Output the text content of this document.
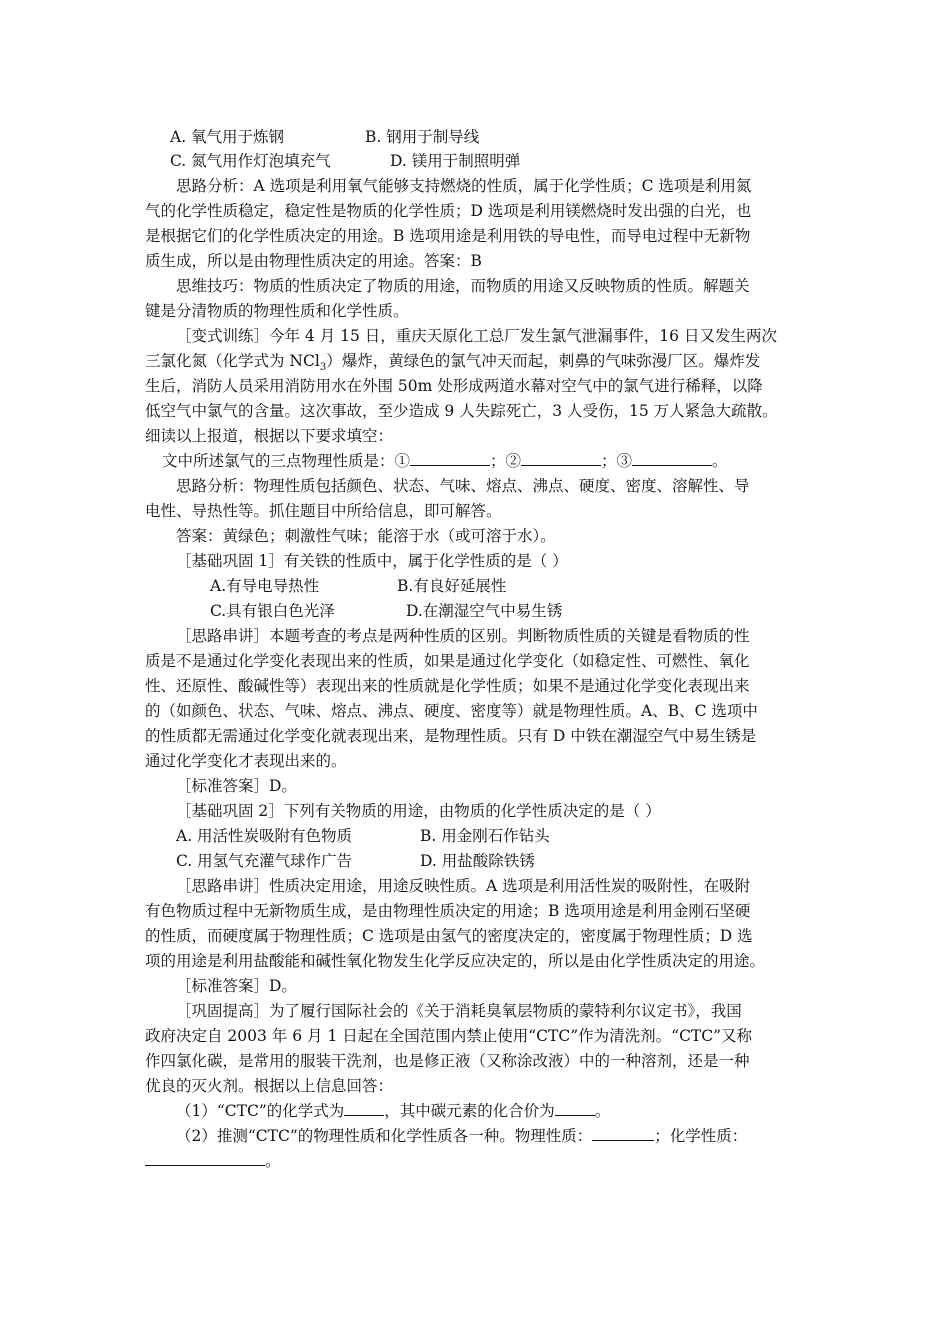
A. 氧气用于炼钢	B. 钢用于制导线
C. 氮气用作灯泡填充气	D. 镁用于制照明弹
思路分析：A 选项是利用氧气能够支持燃烧的性质，属于化学性质；C 选项是利用氮
气的化学性质稳定，稳定性是物质的化学性质；D 选项是利用镁燃烧时发出强的白光，也
是根据它们的化学性质决定的用途。B 选项用途是利用铁的导电性，而导电过程中无新物
质生成，所以是由物理性质决定的用途。答案：B
思维技巧：物质的性质决定了物质的用途，而物质的用途又反映物质的性质。解题关
键是分清物质的物理性质和化学性质。
［变式训练］今年 4 月 15 日，重庆天原化工总厂发生氯气泄漏事件，16 日又发生两次
三氯化氮（化学式为 NCl$_3$）爆炸，黄绿色的氯气冲天而起，刺鼻的气味弥漫厂区。爆炸发
生后，消防人员采用消防用水在外围 50m 处形成两道水幕对空气中的氯气进行稀释，以降
低空气中氯气的含量。这次事故，至少造成 9 人失踪死亡，3 人受伤，15 万人紧急大疏散。
细读以上报道，根据以下要求填空：
文中所述氯气的三点物理性质是：①	；②	；③	。
思路分析：物理性质包括颜色、状态、气味、熔点、沸点、硬度、密度、溶解性、导
电性、导热性等。抓住题目中所给信息，即可解答。
答案：黄绿色；刺激性气味；能溶于水（或可溶于水）。
［基础巩固 1］有关铁的性质中，属于化学性质的是（ ）
A.有导电导热性	B.有良好延展性
C.具有银白色光泽	D.在潮湿空气中易生锈
［思路串讲］本题考查的考点是两种性质的区别。判断物质性质的关键是看物质的性
质是不是通过化学变化表现出来的性质，如果是通过化学变化（如稳定性、可燃性、氧化
性、还原性、酸碱性等）表现出来的性质就是化学性质；如果不是通过化学变化表现出来
的（如颜色、状态、气味、熔点、沸点、硬度、密度等）就是物理性质。A、B、C 选项中
的性质都无需通过化学变化就表现出来，是物理性质。只有 D 中铁在潮湿空气中易生锈是
通过化学变化才表现出来的。
［标准答案］D。
［基础巩固 2］下列有关物质的用途，由物质的化学性质决定的是（ ）
A. 用活性炭吸附有色物质	B. 用金刚石作钻头
C. 用氢气充灌气球作广告	D. 用盐酸除铁锈
［思路串讲］性质决定用途，用途反映性质。A 选项是利用活性炭的吸附性，在吸附
有色物质过程中无新物质生成，是由物理性质决定的用途；B 选项用途是利用金刚石坚硬
的性质，而硬度属于物理性质；C 选项是由氢气的密度决定的，密度属于物理性质；D 选
项的用途是利用盐酸能和碱性氧化物发生化学反应决定的，所以是由化学性质决定的用途。
［标准答案］D。
［巩固提高］为了履行国际社会的《关于消耗臭氧层物质的蒙特利尔议定书》，我国
政府决定自 2003 年 6 月 1 日起在全国范围内禁止使用“CTC”作为清洗剂。“CTC”又称
作四氯化碳，是常用的服装干洗剂，也是修正液（又称涂改液）中的一种溶剂，还是一种
优良的灭火剂。根据以上信息回答：
（1）“CTC”的化学式为	，其中碳元素的化合价为	。
（2）推测“CTC”的物理性质和化学性质各一种。物理性质：	；化学性质：
。
